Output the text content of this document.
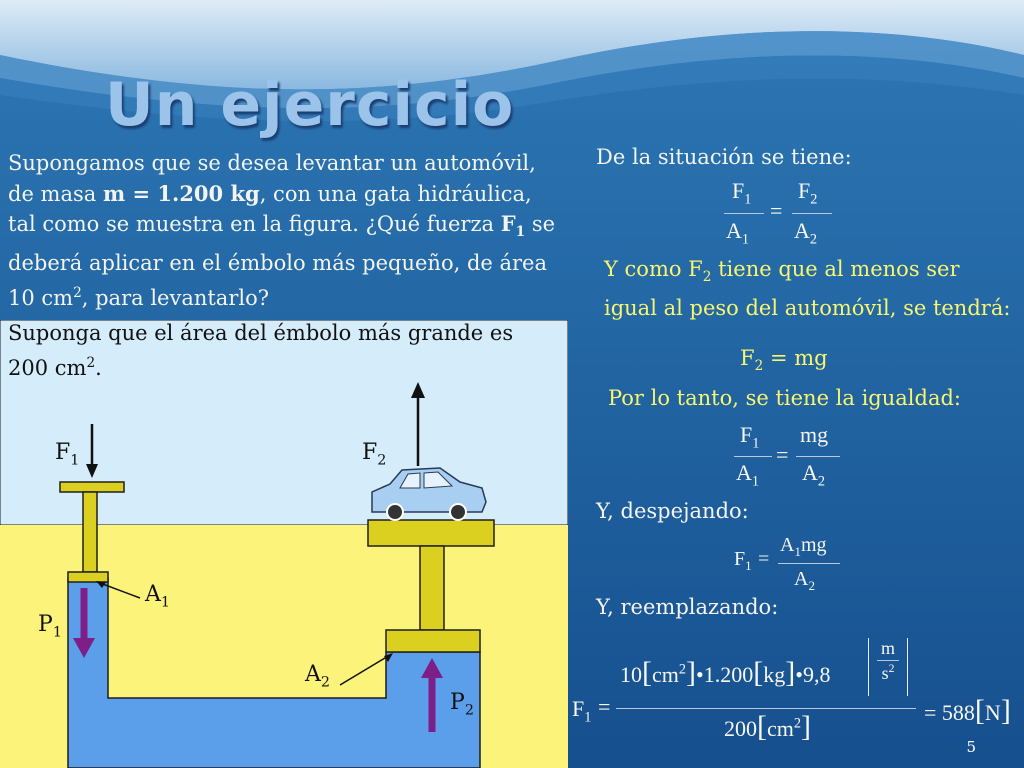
Un ejercicio
Supongamos que se desea levantar un automóvil,
de masa m = 1.200 kg, con una gata hidráulica,
tal como se muestra en la figura. ¿Qué fuerza $F_1$ se
deberá aplicar en el émbolo más pequeño, de área
10 $cm^2$, para levantarlo?
Suponga que el área del émbolo más grande es
200 $cm^2$.
$F_1$	$F_2$
$A_1$
$P_1$
$A_2$
$P_2$
De la situación se tiene:
$F_1$
$A_1$
=
$F_2$
$A_2$
Y como $F_2$ tiene que al menos ser
igual al peso del automóvil, se tendrá:
$F_2$ = mg
Por lo tanto, se tiene la igualdad:
$F_1$
$A_1$
=
mg
$A_2$
Y, despejando:
$F_1$ =
$A_1mg$
$A_2$
Y, reemplazando:
$F_1$ =
$10[cm^2]•1.200[kg]•9,8$
m
$s^2$
$200[cm^2]$	= 588[N]
5
